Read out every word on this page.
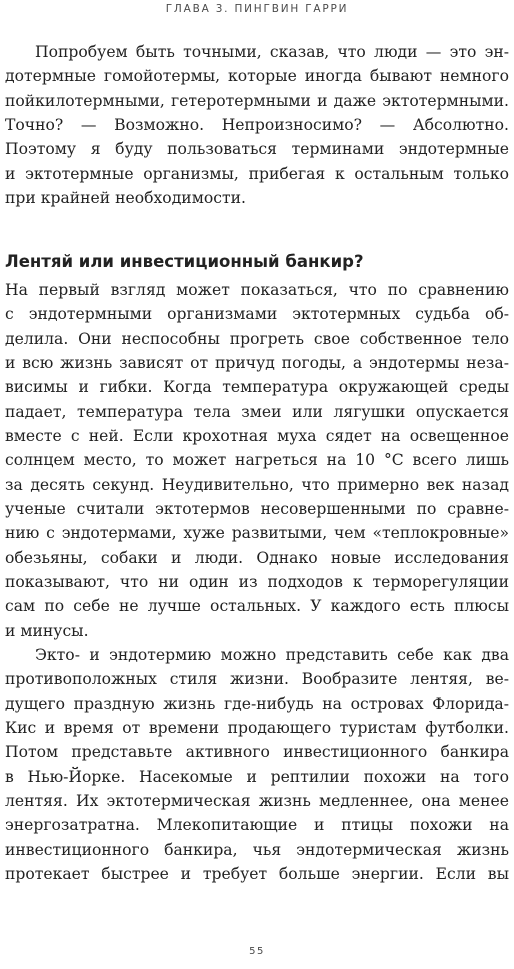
ГЛАВА 3. ПИНГВИН ГАРРИ
Попробуем быть точными, сказав, что люди — это эн-
дотермные гомойотермы, которые иногда бывают немного
пойкилотермными, гетеротермными и даже эктотермными.
Точно? — Возможно. Непроизносимо? — Абсолютно.
Поэтому я буду пользоваться терминами эндотермные
и эктотермные организмы, прибегая к остальным только
при крайней необходимости.
Лентяй или инвестиционный банкир?
На первый взгляд может показаться, что по сравнению
с эндотермными организмами эктотермных судьба об-
делила. Они неспособны прогреть свое собственное тело
и всю жизнь зависят от причуд погоды, а эндотермы неза-
висимы и гибки. Когда температура окружающей среды
падает, температура тела змеи или лягушки опускается
вместе с ней. Если крохотная муха сядет на освещенное
солнцем место, то может нагреться на 10 °С всего лишь
за десять секунд. Неудивительно, что примерно век назад
ученые считали эктотермов несовершенными по сравне-
нию с эндотермами, хуже развитыми, чем «теплокровные»
обезьяны, собаки и люди. Однако новые исследования
показывают, что ни один из подходов к терморегуляции
сам по себе не лучше остальных. У каждого есть плюсы
и минусы.
Экто- и эндотермию можно представить себе как два
противоположных стиля жизни. Вообразите лентяя, ве-
дущего праздную жизнь где-нибудь на островах Флорида-
Кис и время от времени продающего туристам футболки.
Потом представьте активного инвестиционного банкира
в Нью-Йорке. Насекомые и рептилии похожи на того
лентяя. Их эктотермическая жизнь медленнее, она менее
энергозатратна. Млекопитающие и птицы похожи на
инвестиционного банкира, чья эндотермическая жизнь
протекает быстрее и требует больше энергии. Если вы
55
